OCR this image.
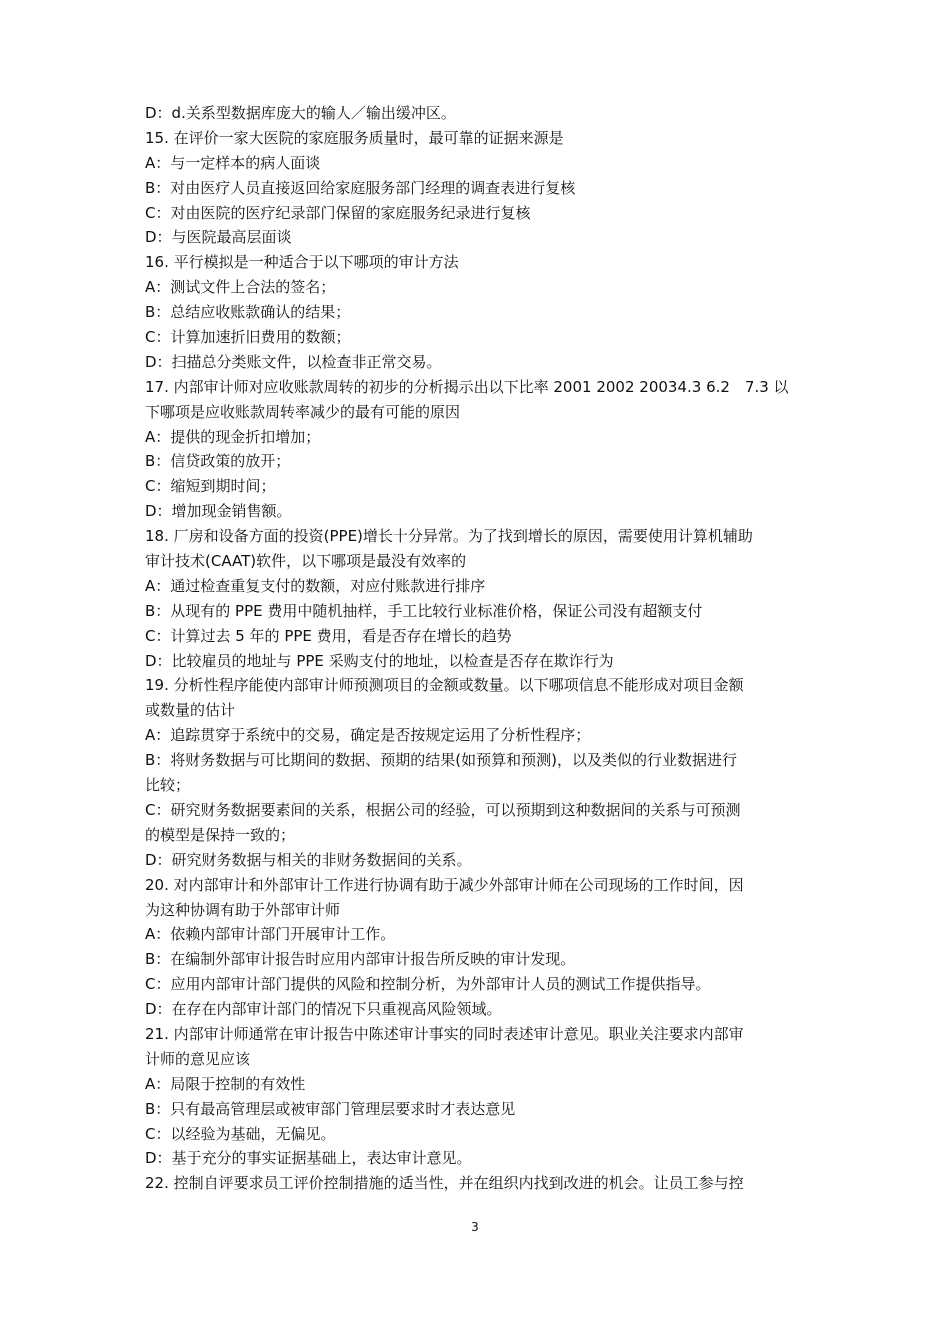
D：d.关系型数据库庞大的输人／输出缓冲区。
15. 在评价一家大医院的家庭服务质量时，最可靠的证据来源是
A：与一定样本的病人面谈
B：对由医疗人员直接返回给家庭服务部门经理的调查表进行复核
C：对由医院的医疗纪录部门保留的家庭服务纪录进行复核
D：与医院最高层面谈
16. 平行模拟是一种适合于以下哪项的审计方法
A：测试文件上合法的签名；
B：总结应收账款确认的结果；
C：计算加速折旧费用的数额；
D：扫描总分类账文件，以检查非正常交易。
17. 内部审计师对应收账款周转的初步的分析揭示出以下比率 2001 2002 20034.3 6.2　7.3 以
下哪项是应收账款周转率减少的最有可能的原因
A：提供的现金折扣增加；
B：信贷政策的放开；
C：缩短到期时间；
D：增加现金销售额。
18. 厂房和设备方面的投资(PPE)增长十分异常。为了找到增长的原因，需要使用计算机辅助
审计技术(CAAT)软件，以下哪项是最没有效率的
A：通过检查重复支付的数额，对应付账款进行排序
B：从现有的 PPE 费用中随机抽样，手工比较行业标准价格，保证公司没有超额支付
C：计算过去 5 年的 PPE 费用，看是否存在增长的趋势
D：比较雇员的地址与 PPE 采购支付的地址，以检查是否存在欺诈行为
19. 分析性程序能使内部审计师预测项目的金额或数量。以下哪项信息不能形成对项目金额
或数量的估计
A：追踪贯穿于系统中的交易，确定是否按规定运用了分析性程序；
B：将财务数据与可比期间的数据、预期的结果(如预算和预测)，以及类似的行业数据进行
比较；
C：研究财务数据要素间的关系，根据公司的经验，可以预期到这种数据间的关系与可预测
的模型是保持一致的；
D：研究财务数据与相关的非财务数据间的关系。
20. 对内部审计和外部审计工作进行协调有助于减少外部审计师在公司现场的工作时间，因
为这种协调有助于外部审计师
A：依赖内部审计部门开展审计工作。
B：在编制外部审计报告时应用内部审计报告所反映的审计发现。
C：应用内部审计部门提供的风险和控制分析，为外部审计人员的测试工作提供指导。
D：在存在内部审计部门的情况下只重视高风险领域。
21. 内部审计师通常在审计报告中陈述审计事实的同时表述审计意见。职业关注要求内部审
计师的意见应该
A：局限于控制的有效性
B：只有最高管理层或被审部门管理层要求时才表达意见
C：以经验为基础，无偏见。
D：基于充分的事实证据基础上，表达审计意见。
22. 控制自评要求员工评价控制措施的适当性，并在组织内找到改进的机会。让员工参与控
3
